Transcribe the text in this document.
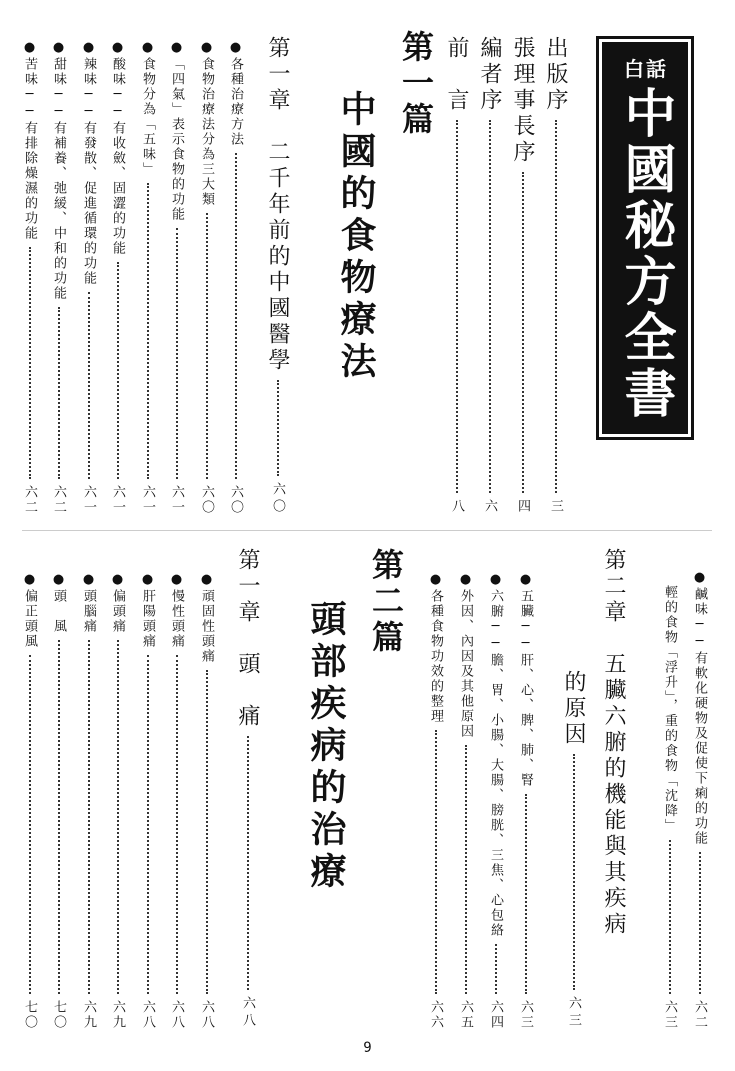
白 話
中國秘方全書
出版序
三
張理事長序
四
編者序
六
前　言
八
第一篇
中國的食物療法
第一章　二千年前的中國醫學
六〇
●各種治療方法
六〇
●食物治療法分為三大類
六〇
●「四氣」表示食物的功能
六一
●食物分為「五味」
六一
●酸味──有收斂、固澀的功能
六一
●辣味──有發散、促進循環的功能
六一
●甜味──有補養、弛緩、中和的功能
六二
●苦味──有排除燥濕的功能
六二
●鹹味──有軟化硬物及促使下痢的功能
六二
　輕的食物「浮升」，重的食物「沈降」
六三
第二章　五臟六腑的機能與其疾病
的原因
六三
●五臟──肝、心、脾、肺、腎
六三
●六腑──膽、胃、小腸、大腸、膀胱、三焦、心包絡
六四
●外因、內因及其他原因
六五
●各種食物功效的整理
六六
第二篇
頭部疾病的治療
第一章　頭　痛
六八
●頑固性頭痛
六八
●慢性頭痛
六八
●肝陽頭痛
六八
●偏頭痛
六九
●頭腦痛
六九
●頭　風
七〇
●偏正頭風
七〇
9
